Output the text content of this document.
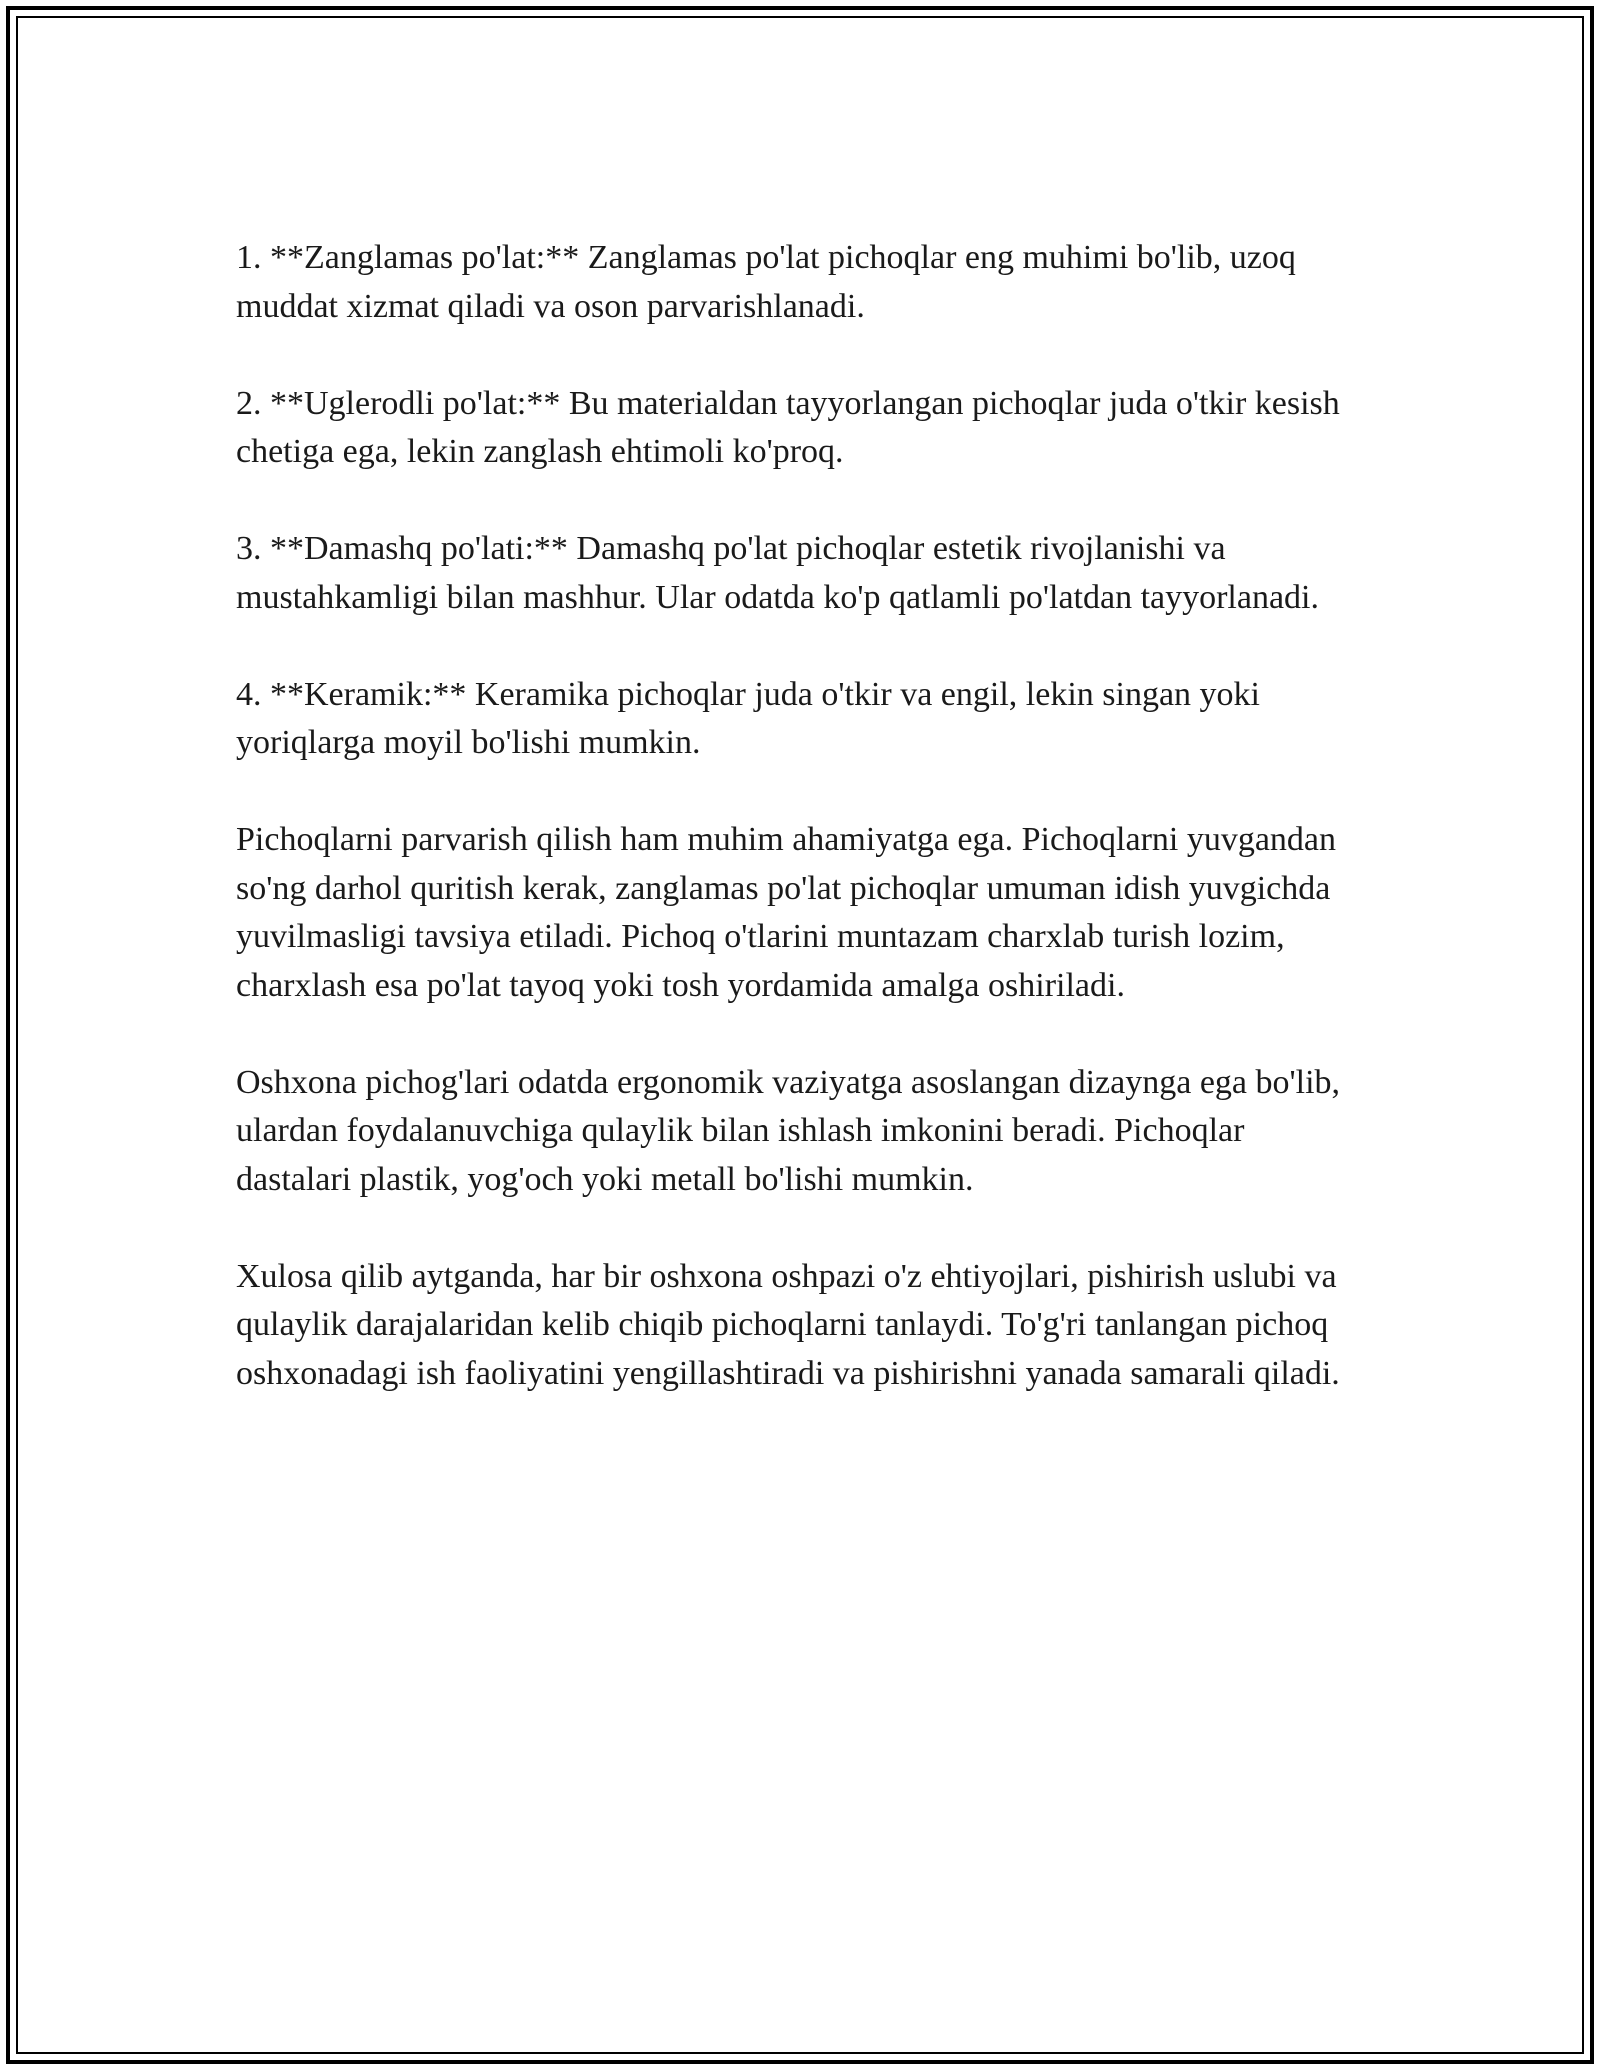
1. **Zanglamas po'lat:** Zanglamas po'lat pichoqlar eng muhimi bo'lib, uzoq muddat xizmat qiladi va oson parvarishlanadi.

2. **Uglerodli po'lat:** Bu materialdan tayyorlangan pichoqlar juda o'tkir kesish chetiga ega, lekin zanglash ehtimoli ko'proq.

3. **Damashq po'lati:** Damashq po'lat pichoqlar estetik rivojlanishi va mustahkamligi bilan mashhur. Ular odatda ko'p qatlamli po'latdan tayyorlanadi.

4. **Keramik:** Keramika pichoqlar juda o'tkir va engil, lekin singan yoki yoriqlarga moyil bo'lishi mumkin.

Pichoqlarni parvarish qilish ham muhim ahamiyatga ega. Pichoqlarni yuvgandan so'ng darhol quritish kerak, zanglamas po'lat pichoqlar umuman idish yuvgichda yuvilmasligi tavsiya etiladi. Pichoq o'tlarini muntazam charxlab turish lozim, charxlash esa po'lat tayoq yoki tosh yordamida amalga oshiriladi.

Oshxona pichog'lari odatda ergonomik vaziyatga asoslangan dizaynga ega bo'lib, ulardan foydalanuvchiga qulaylik bilan ishlash imkonini beradi. Pichoqlar dastalari plastik, yog'och yoki metall bo'lishi mumkin.

Xulosa qilib aytganda, har bir oshxona oshpazi o'z ehtiyojlari, pishirish uslubi va qulaylik darajalaridan kelib chiqib pichoqlarni tanlaydi. To'g'ri tanlangan pichoq oshxonadagi ish faoliyatini yengillashtiradi va pishirishni yanada samarali qiladi.
